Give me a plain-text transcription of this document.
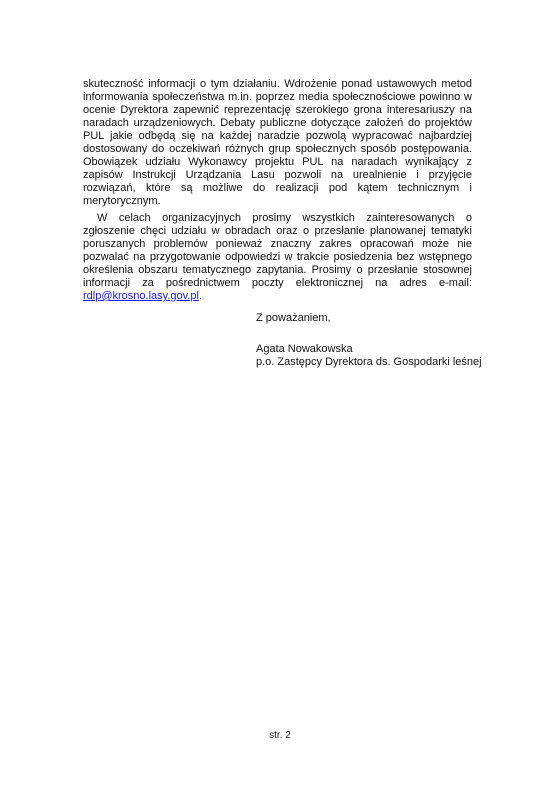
skuteczność informacji o tym działaniu. Wdrożenie ponad ustawowych metod informowania społeczeństwa m.in. poprzez media społecznościowe powinno w ocenie Dyrektora zapewnić reprezentację szerokiego grona interesariuszy na naradach urządzeniowych. Debaty publiczne dotyczące założeń do projektów PUL jakie odbędą się na każdej naradzie pozwolą wypracować najbardziej dostosowany do oczekiwań różnych grup społecznych sposób postępowania. Obowiązek udziału Wykonawcy projektu PUL na naradach wynikający z zapisów Instrukcji Urządzania Lasu pozwoli na urealnienie i przyjęcie rozwiązań, które są możliwe do realizacji pod kątem technicznym i merytorycznym.

W celach organizacyjnych prosimy wszystkich zainteresowanych o zgłoszenie chęci udziału w obradach oraz o przesłanie planowanej tematyki poruszanych problemów ponieważ znaczny zakres opracowań może nie pozwalać na przygotowanie odpowiedzi w trakcie posiedzenia bez wstępnego określenia obszaru tematycznego zapytania. Prosimy o przesłanie stosownej informacji za pośrednictwem poczty elektronicznej na adres e-mail: rdlp@krosno.lasy.gov.pl.

Z poważaniem,
Agata Nowakowska
p.o. Zastępcy Dyrektora ds. Gospodarki leśnej
str. 2
